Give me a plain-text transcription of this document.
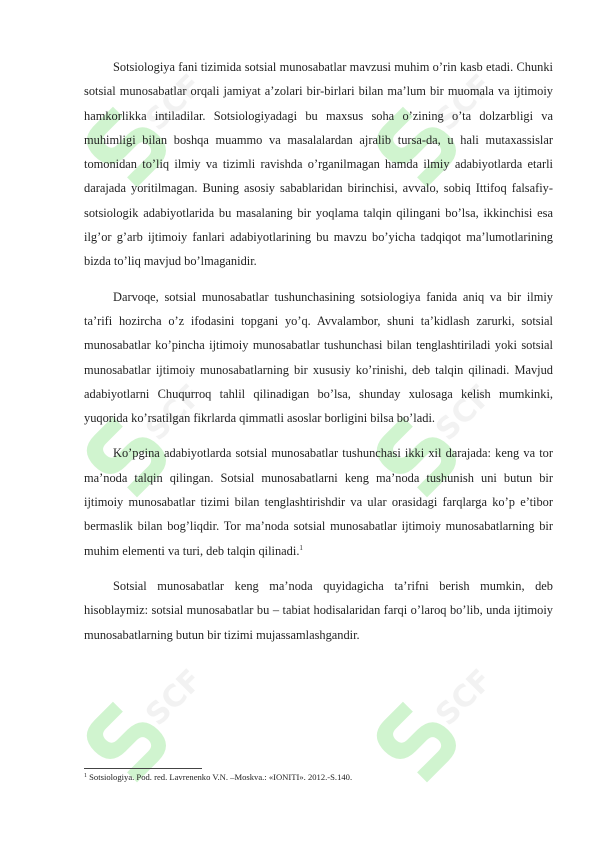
SCF	SCF
SCF	SCF
SCF	SCF

Sotsiologiya fani tizimida sotsial munosabatlar mavzusi muhim o’rin kasb etadi. Chunki sotsial munosabatlar orqali jamiyat a’zolari bir-birlari bilan ma’lum bir muomala va ijtimoiy hamkorlikka intiladilar. Sotsiologiyadagi bu maxsus soha o’zining o’ta dolzarbligi va muhimligi bilan boshqa muammo va masalalardan ajralib tursa-da, u hali mutaxassislar tomonidan to’liq ilmiy va tizimli ravishda o’rganilmagan hamda ilmiy adabiyotlarda etarli darajada yoritilmagan. Buning asosiy sabablaridan birinchisi, avvalo, sobiq Ittifoq falsafiy-sotsiologik adabiyotlarida bu masalaning bir yoqlama talqin qilingani bo’lsa, ikkinchisi esa ilg’or g’arb ijtimoiy fanlari adabiyotlarining bu mavzu bo’yicha tadqiqot ma’lumotlarining bizda to’liq mavjud bo’lmaganidir.

Darvoqe, sotsial munosabatlar tushunchasining sotsiologiya fanida aniq va bir ilmiy ta’rifi hozircha o’z ifodasini topgani yo’q. Avvalambor, shuni ta’kidlash zarurki, sotsial munosabatlar ko’pincha ijtimoiy munosabatlar tushunchasi bilan tenglashtiriladi yoki sotsial munosabatlar ijtimoiy munosabatlarning bir xususiy ko’rinishi, deb talqin qilinadi. Mavjud adabiyotlarni Chuqurroq tahlil qilinadigan bo’lsa, shunday xulosaga kelish mumkinki, yuqorida ko’rsatilgan fikrlarda qimmatli asoslar borligini bilsa bo’ladi.

Ko’pgina adabiyotlarda sotsial munosabatlar tushunchasi ikki xil darajada: keng va tor ma’noda talqin qilingan. Sotsial munosabatlarni keng ma’noda tushunish uni butun bir ijtimoiy munosabatlar tizimi bilan tenglashtirishdir va ular orasidagi farqlarga ko’p e’tibor bermaslik bilan bog’liqdir. Tor ma’noda sotsial munosabatlar ijtimoiy munosabatlarning bir muhim elementi va turi, deb talqin qilinadi.$^1$

Sotsial munosabatlar keng ma’noda quyidagicha ta’rifni berish mumkin, deb hisoblaymiz: sotsial munosabatlar bu – tabiat hodisalaridan farqi o’laroq bo’lib, unda ijtimoiy munosabatlarning butun bir tizimi mujassamlashgandir.

$^1$ Sotsiologiya. Pod. red. Lavrenenko V.N. –Moskva.: «IONITI». 2012.-S.140.
